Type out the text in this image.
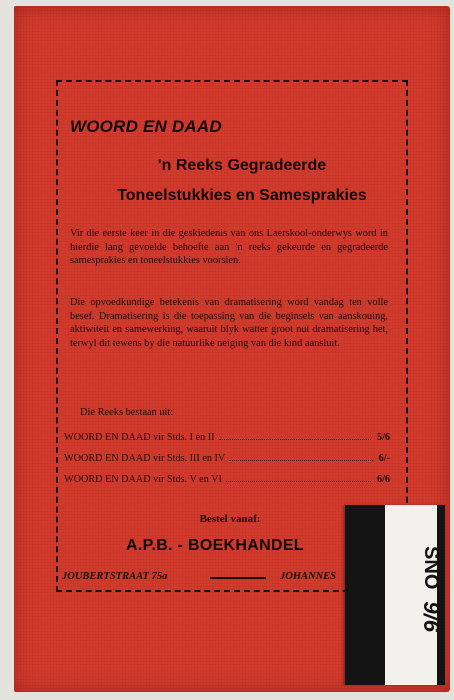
WOORD EN DAAD
'n Reeks Gegradeerde
Toneelstukkies en Samesprakies
Vir die eerste keer in die geskiedenis van ons Laerskool-onderwys word in hierdie lang gevoelde behoefte aan 'n reeks gekeurde en gegradeerde samesprakies en toneelstukkies voorsien.
Die opvoedkundige betekenis van dramatisering word vandag ten volle besef. Dramatisering is die toepassing van die beginsels van aanskouing, aktiwiteit en samewerking, waaruit blyk watter groot nut dramatisering het, terwyl dit tewens by die natuurlike neiging van die kind aansluit.
Die Reeks bestaan uit:
WOORD EN DAAD vir Stds. I en II	5/6
WOORD EN DAAD vir Stds. III en IV	6/-
WOORD EN DAAD vir Stds. V en VI	6/6
Bestel vanaf:
A.P.B. - BOEKHANDEL
JOUBERTSTRAAT 75a	JOHANNES	SNO
9/6
